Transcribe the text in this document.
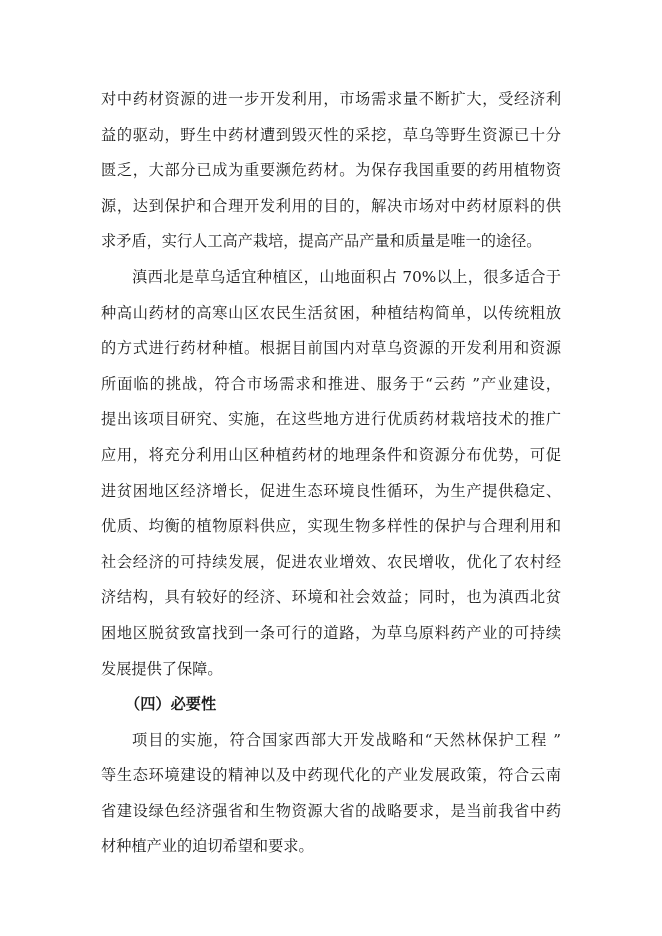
对中药材资源的进一步开发利用，市场需求量不断扩大，受经济利
益的驱动，野生中药材遭到毁灭性的采挖，草乌等野生资源已十分
匮乏，大部分已成为重要濒危药材。为保存我国重要的药用植物资
源，达到保护和合理开发利用的目的，解决市场对中药材原料的供
求矛盾，实行人工高产栽培，提高产品产量和质量是唯一的途径。
滇西北是草乌适宜种植区，山地面积占 70%以上，很多适合于
种高山药材的高寒山区农民生活贫困，种植结构简单，以传统粗放
的方式进行药材种植。根据目前国内对草乌资源的开发利用和资源
所面临的挑战，符合市场需求和推进、服务于“云药 ”产业建设，
提出该项目研究、实施，在这些地方进行优质药材栽培技术的推广
应用，将充分利用山区种植药材的地理条件和资源分布优势，可促
进贫困地区经济增长，促进生态环境良性循环，为生产提供稳定、
优质、均衡的植物原料供应，实现生物多样性的保护与合理利用和
社会经济的可持续发展，促进农业增效、农民增收，优化了农村经
济结构，具有较好的经济、环境和社会效益；同时，也为滇西北贫
困地区脱贫致富找到一条可行的道路，为草乌原料药产业的可持续
发展提供了保障。
（四）必要性
项目的实施，符合国家西部大开发战略和“天然林保护工程 ”
等生态环境建设的精神以及中药现代化的产业发展政策，符合云南
省建设绿色经济强省和生物资源大省的战略要求，是当前我省中药
材种植产业的迫切希望和要求。
